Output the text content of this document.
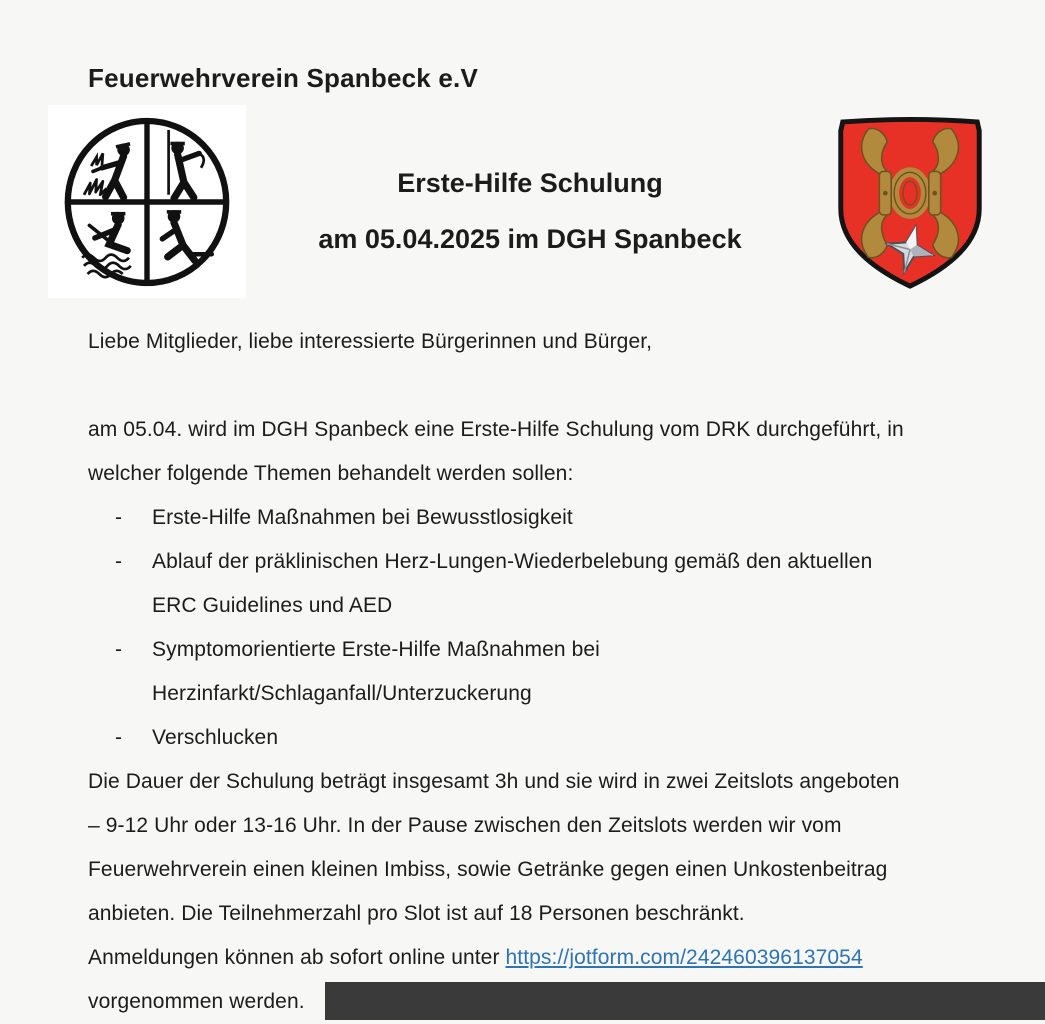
Feuerwehrverein Spanbeck e.V
Erste-Hilfe Schulung
am 05.04.2025 im DGH Spanbeck
Liebe Mitglieder, liebe interessierte Bürgerinnen und Bürger,
am 05.04. wird im DGH Spanbeck eine Erste-Hilfe Schulung vom DRK durchgeführt, in
welcher folgende Themen behandelt werden sollen:
- Erste-Hilfe Maßnahmen bei Bewusstlosigkeit
- Ablauf der präklinischen Herz-Lungen-Wiederbelebung gemäß den aktuellen
ERC Guidelines und AED
- Symptomorientierte Erste-Hilfe Maßnahmen bei
Herzinfarkt/Schlaganfall/Unterzuckerung
- Verschlucken
Die Dauer der Schulung beträgt insgesamt 3h und sie wird in zwei Zeitslots angeboten
– 9-12 Uhr oder 13-16 Uhr. In der Pause zwischen den Zeitslots werden wir vom
Feuerwehrverein einen kleinen Imbiss, sowie Getränke gegen einen Unkostenbeitrag
anbieten. Die Teilnehmerzahl pro Slot ist auf 18 Personen beschränkt.
Anmeldungen können ab sofort online unter https://jotform.com/242460396137054
vorgenommen werden.
